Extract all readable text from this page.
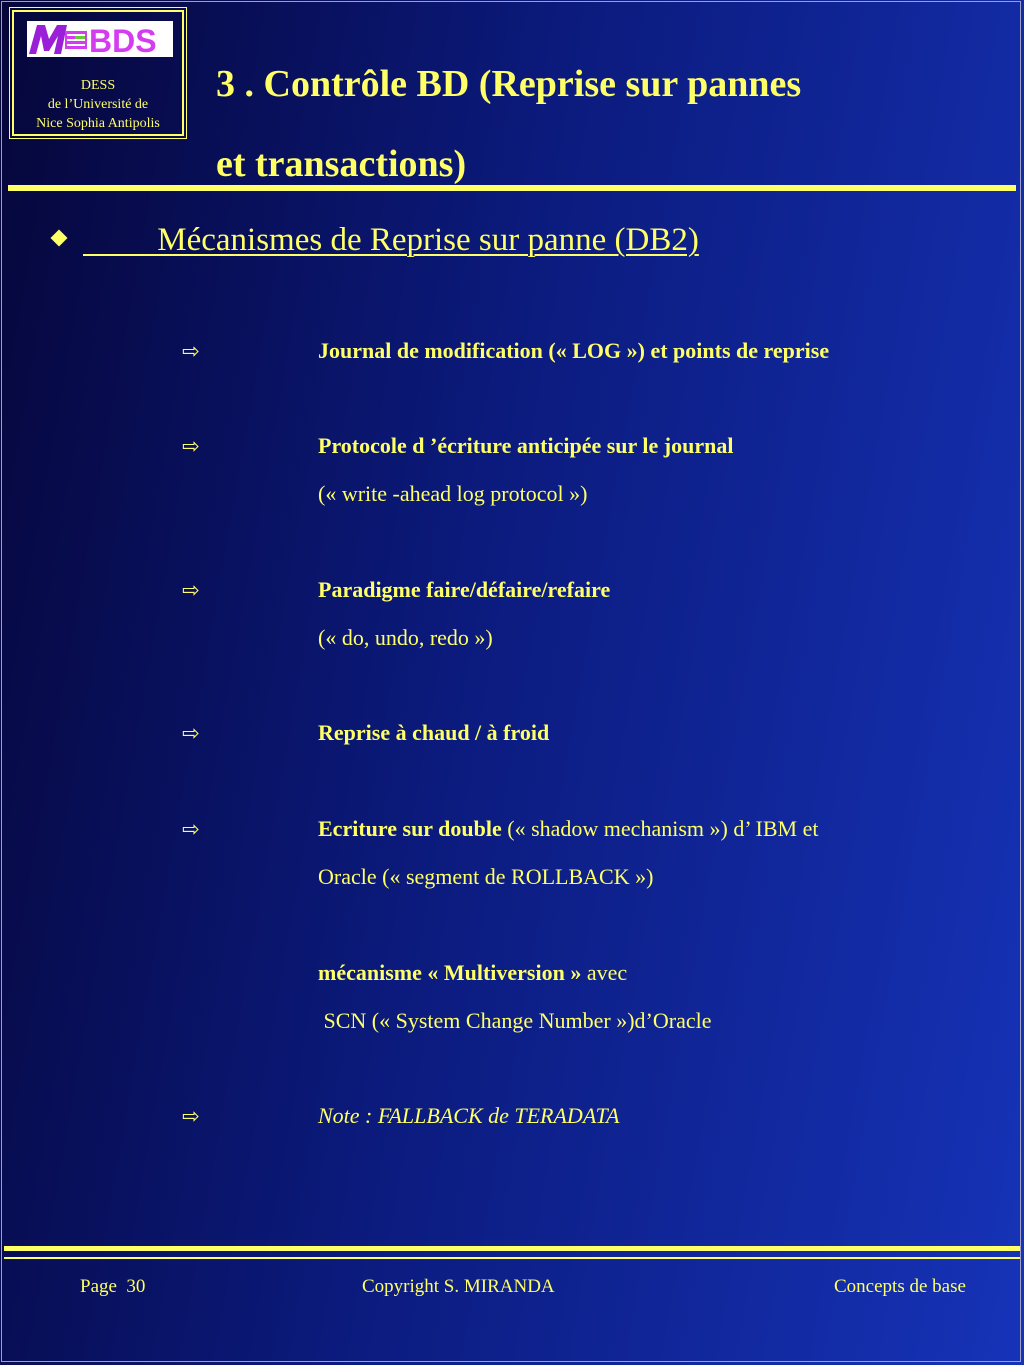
BDS
DESS
de l’Université de
Nice Sophia Antipolis
3 . Contrôle BD (Reprise sur pannes
et transactions)
Mécanismes de Reprise sur panne (DB2)
⇨	Journal de modification (« LOG ») et points de reprise
⇨	Protocole d ’écriture anticipée sur le journal
(« write -ahead log protocol »)
⇨	Paradigme faire/défaire/refaire
(« do, undo, redo »)
⇨	Reprise à chaud / à froid
⇨	Ecriture sur double (« shadow mechanism ») d’ IBM et
Oracle (« segment de ROLLBACK »)

mécanisme « Multiversion » avec
SCN (« System Change Number »)d’Oracle
⇨	Note : FALLBACK de TERADATA
Page  30	Copyright S. MIRANDA	Concepts de base
